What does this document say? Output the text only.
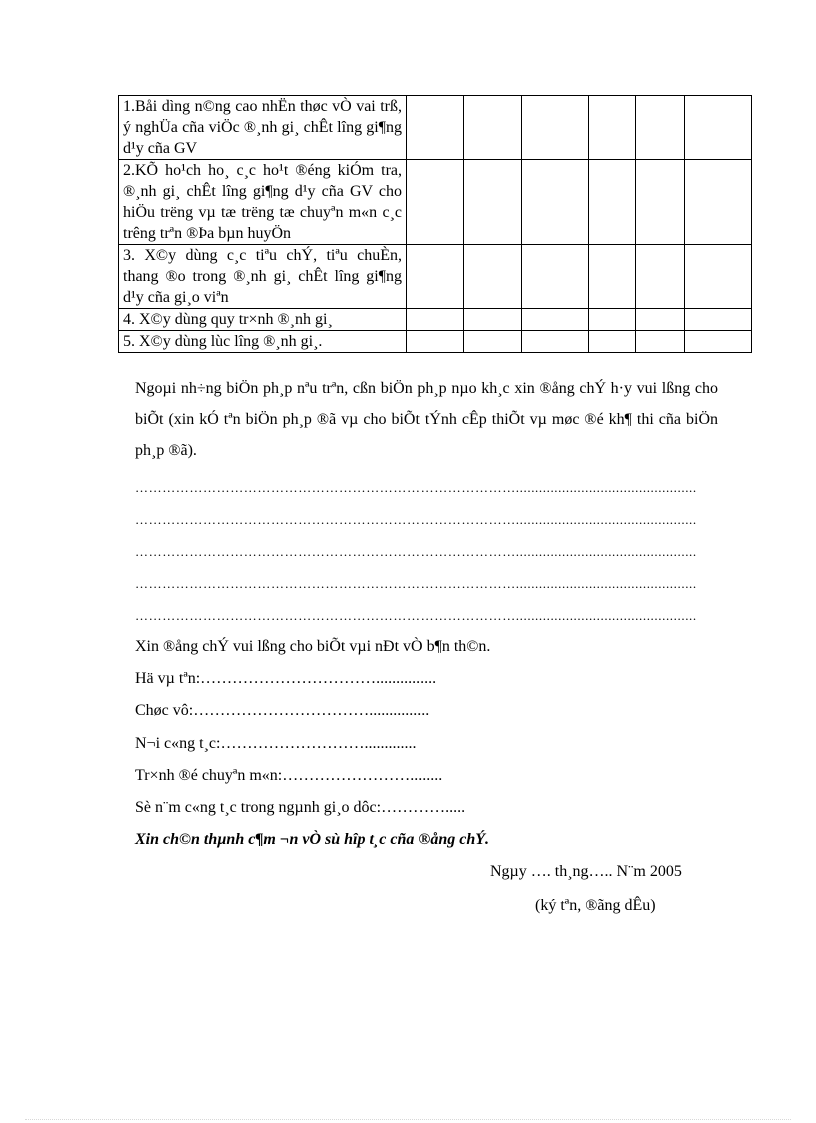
1.Båi dìng n©ng cao nhËn thøc vÒ vai trß, ý nghÜa cña viÖc ®¸nh gi¸ chÊt lîng gi¶ng d¹y cña GV						
2.KÕ ho¹ch ho¸ c¸c ho¹t ®éng kiÓm tra, ®¸nh gi¸ chÊt lîng gi¶ng d¹y cña GV cho hiÖu trëng vµ tæ trëng tæ chuyªn m«n c¸c trêng trªn ®Þa bµn huyÖn						
3. X©y dùng c¸c tiªu chÝ, tiªu chuÈn, thang ®o trong ®¸nh gi¸ chÊt lîng gi¶ng d¹y cña gi¸o viªn						
4. X©y dùng quy tr×nh ®¸nh gi¸						
5. X©y dùng lùc lîng ®¸nh gi¸.						
Ngoµi nh÷ng biÖn ph¸p nªu trªn, cßn biÖn ph¸p nµo kh¸c xin ®ång chÝ h·y vui lßng cho biÕt (xin kÓ tªn biÖn ph¸p ®ã vµ cho biÕt tÝnh cÊp thiÕt vµ møc ®é kh¶ thi cña biÖn ph¸p ®ã).
…………………………………………………………………………...............................................
…………………………………………………………………………...............................................
…………………………………………………………………………...............................................
…………………………………………………………………………...............................................
…………………………………………………………………………...............................................
Xin ®ång chÝ vui lßng cho biÕt vµi nÐt vÒ b¶n th©n.
Hä vµ tªn:……………………………...............
Chøc vô:……………………………...............
N¬i c«ng t¸c:……………………….............
Tr×nh ®é chuyªn m«n:……………………........
Sè n¨m c«ng t¸c trong ngµnh gi¸o dôc:………….....
Xin ch©n thµnh c¶m ¬n vÒ sù hîp t¸c cña ®ång chÝ.
Ngµy …. th¸ng….. N¨m 2005
(ký tªn, ®ãng dÊu)
